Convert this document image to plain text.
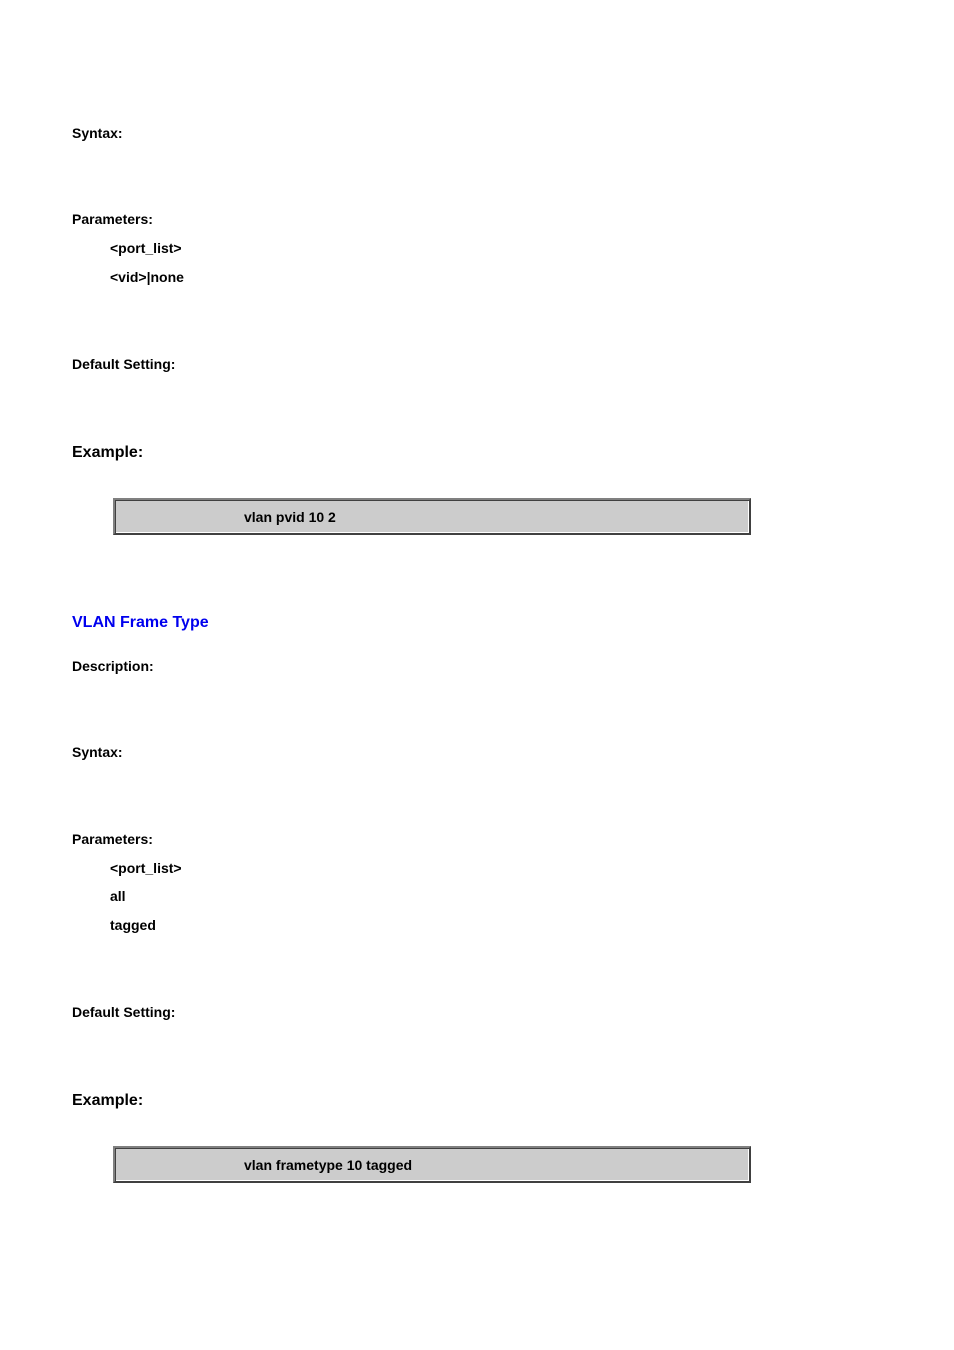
Syntax:
Parameters:
<port_list>
<vid>|none
Default Setting:
Example:
vlan pvid 10 2
VLAN Frame Type
Description:
Syntax:
Parameters:
<port_list>
all
tagged
Default Setting:
Example:
vlan frametype 10 tagged
